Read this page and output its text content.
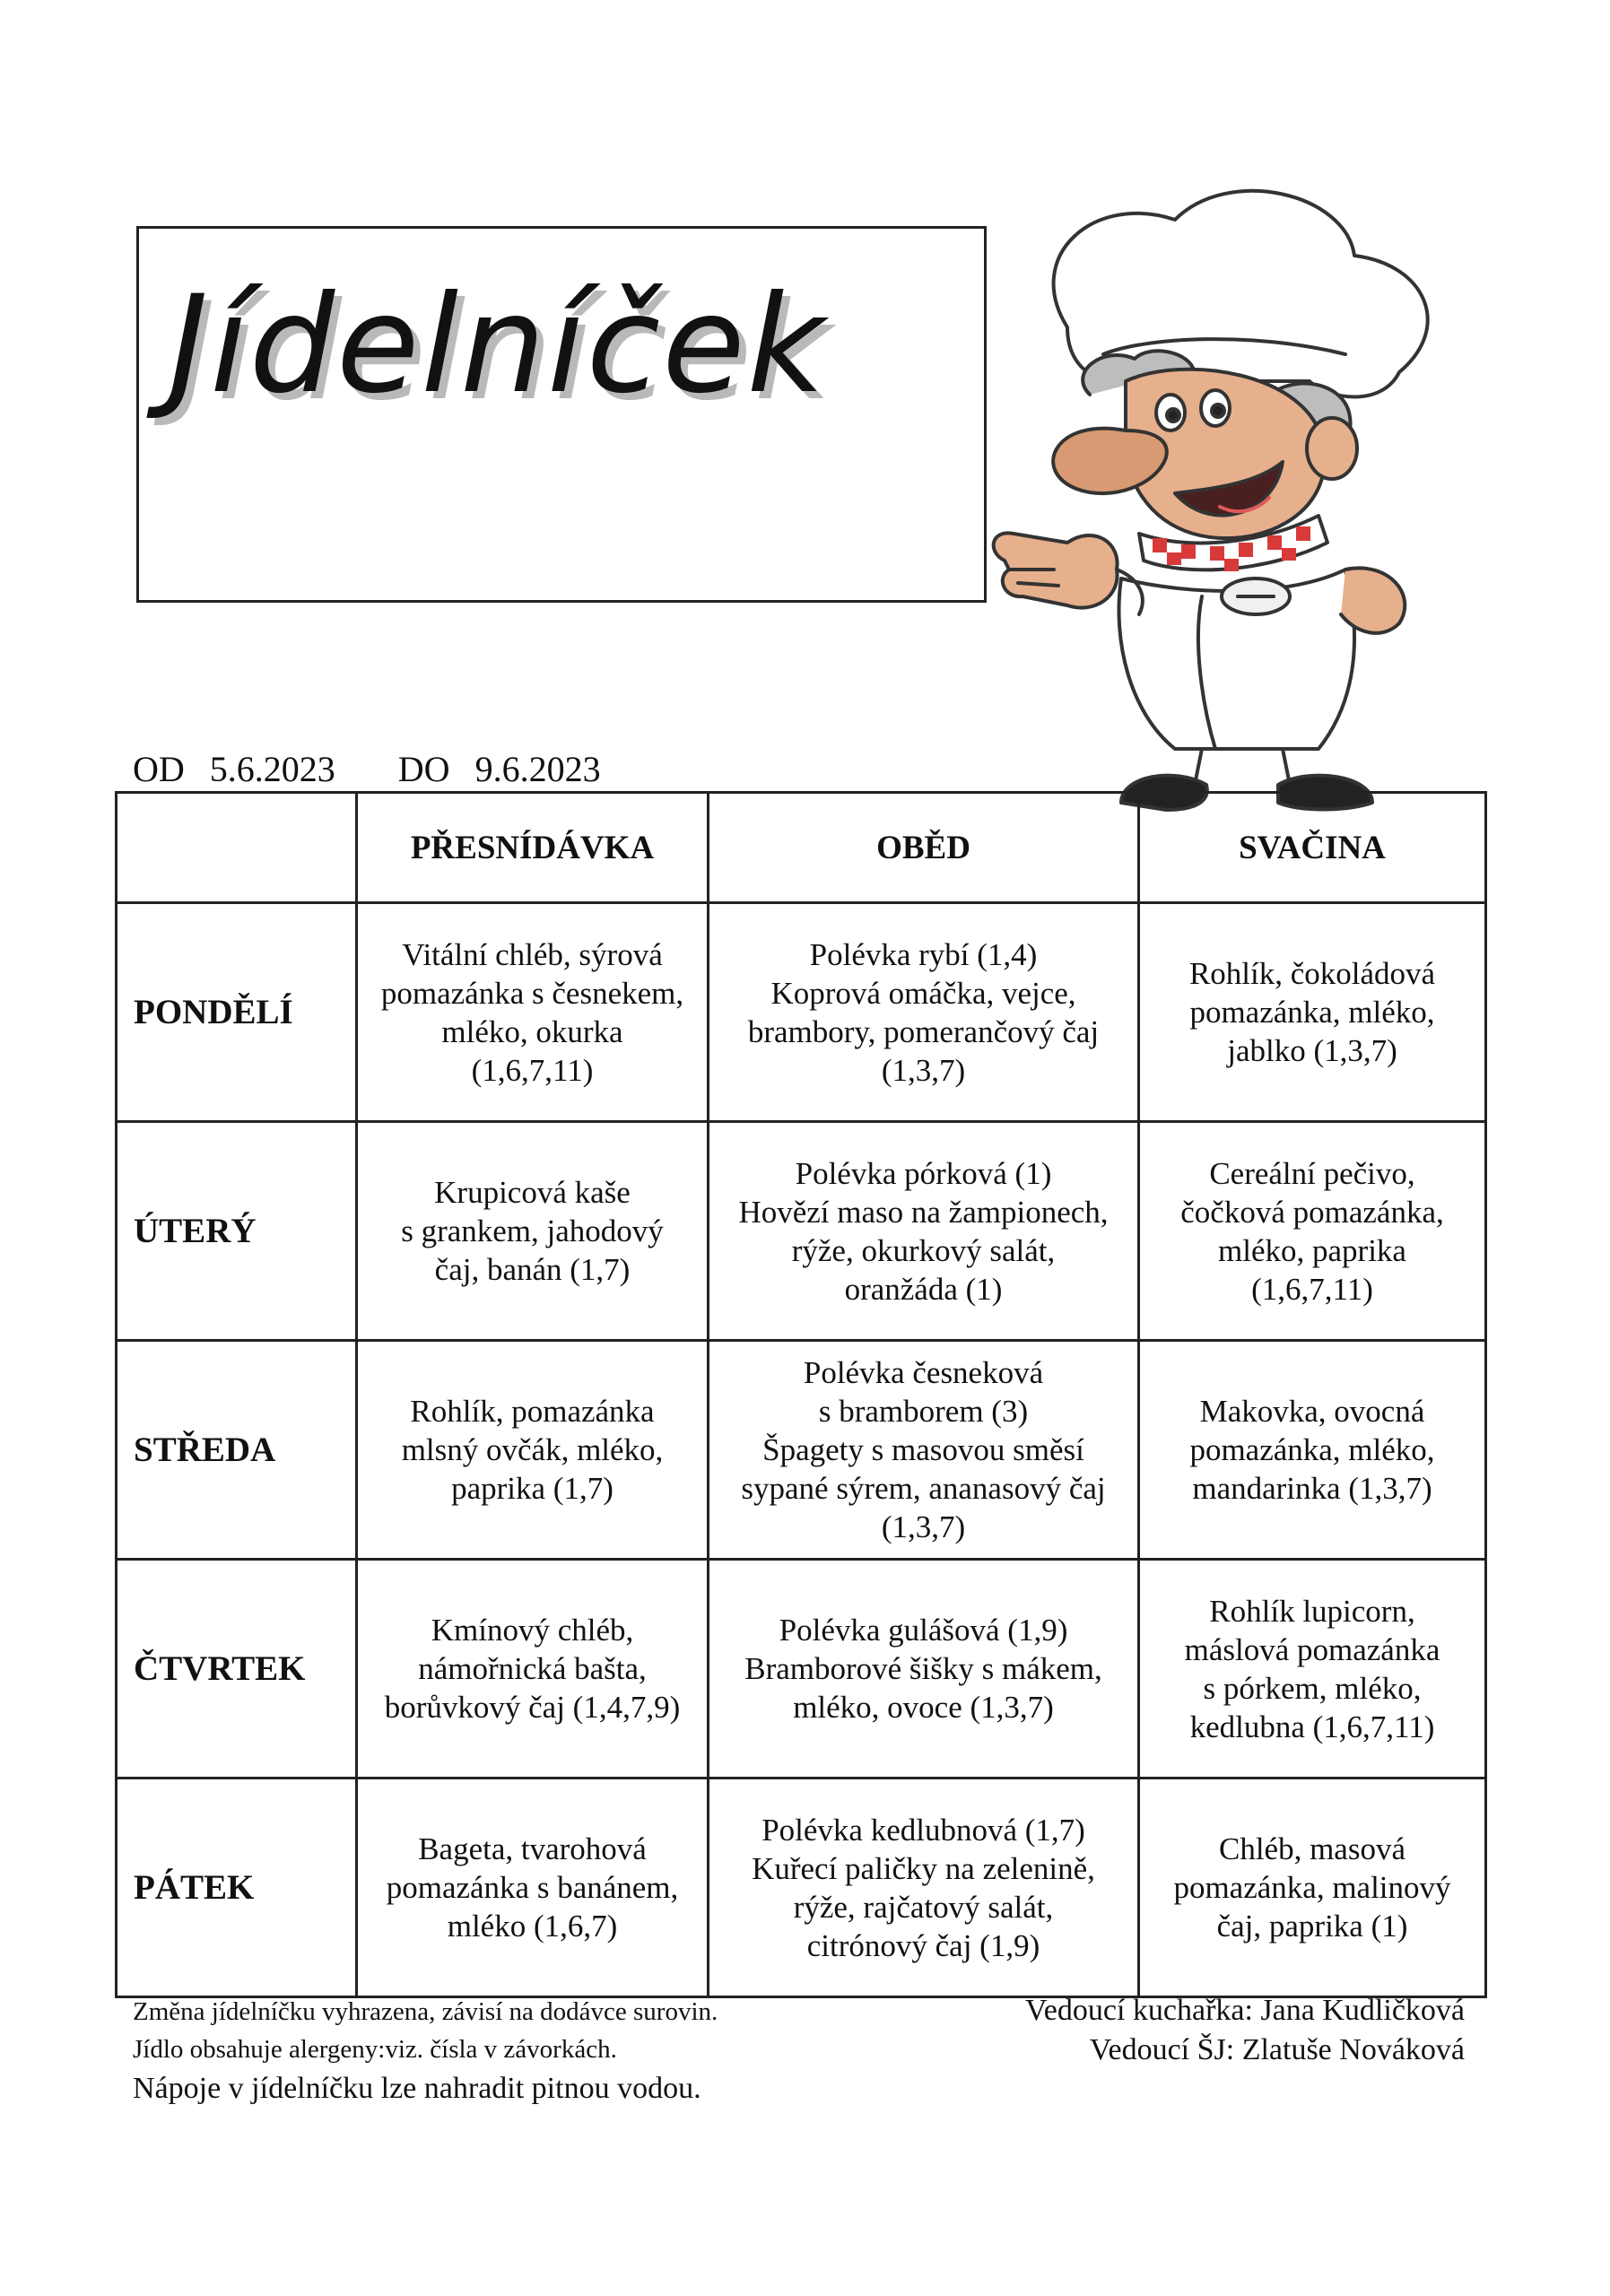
Jídelníček
OD 5.6.2023 DO 9.6.2023
	PŘESNÍDÁVKA	OBĚD	SVAČINA
PONDĚLÍ	Vitální chléb, sýrová
pomazánka s česnekem,
mléko, okurka
(1,6,7,11)	Polévka rybí (1,4)
Koprová omáčka, vejce,
brambory, pomerančový čaj
(1,3,7)	Rohlík, čokoládová
pomazánka, mléko,
jablko (1,3,7)

ÚTERÝ	Krupicová kaše
s grankem, jahodový
čaj, banán (1,7)	Polévka pórková (1)
Hovězí maso na žampionech,
rýže, okurkový salát,
oranžáda (1)	Cereální pečivo,
čočková pomazánka,
mléko, paprika
(1,6,7,11)

STŘEDA	Rohlík, pomazánka
mlsný ovčák, mléko,
paprika (1,7)	Polévka česneková
s bramborem (3)
Špagety s masovou směsí
sypané sýrem, ananasový čaj
(1,3,7)	Makovka, ovocná
pomazánka, mléko,
mandarinka (1,3,7)

ČTVRTEK	Kmínový chléb,
námořnická bašta,
borůvkový čaj (1,4,7,9)	Polévka gulášová (1,9)
Bramborové šišky s mákem,
mléko, ovoce (1,3,7)	Rohlík lupicorn,
máslová pomazánka
s pórkem, mléko,
kedlubna (1,6,7,11)

PÁTEK	Bageta, tvarohová
pomazánka s banánem,
mléko (1,6,7)	Polévka kedlubnová (1,7)
Kuřecí paličky na zelenině,
rýže, rajčatový salát,
citrónový čaj (1,9)	Chléb, masová
pomazánka, malinový
čaj, paprika (1)
Změna jídelníčku vyhrazena, závisí na dodávce surovin.
Jídlo obsahuje alergeny:viz. čísla v závorkách.
Nápoje v jídelníčku lze nahradit pitnou vodou.
Vedoucí kuchařka: Jana Kudličková
Vedoucí ŠJ: Zlatuše Nováková
